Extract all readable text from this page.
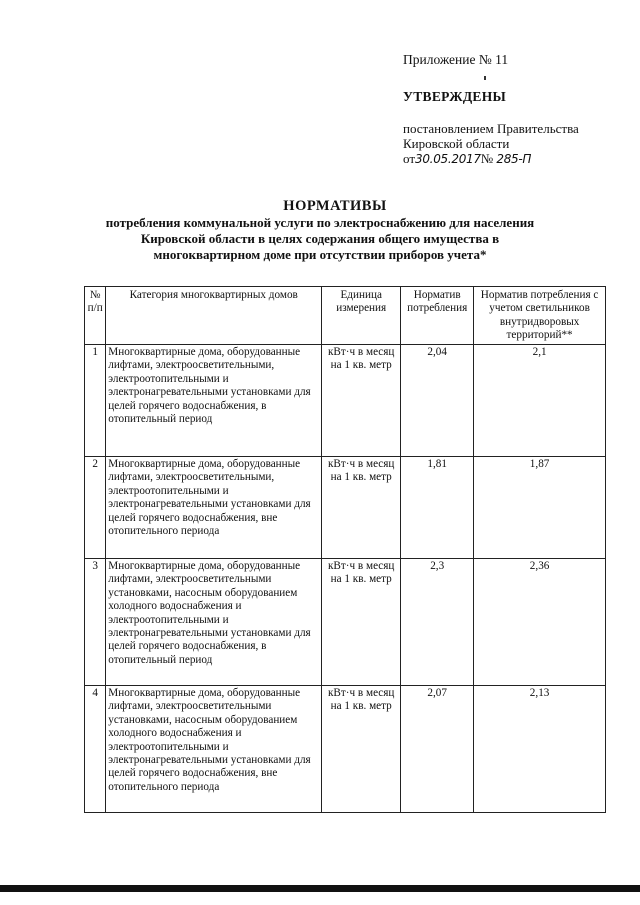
Приложение № 11
УТВЕРЖДЕНЫ
постановлением Правительства
Кировской области
от30.05.2017№ 285-П
НОРМАТИВЫ
потребления коммунальной услуги по электроснабжению для населения
Кировской области в целях содержания общего имущества в
многоквартирном доме при отсутствии приборов учета*
№ п/п	Категория многоквартирных домов	Единица измерения	Норматив потребления	Норматив потребления с учетом светильников внутридворовых территорий**
1	Многоквартирные дома, оборудованные лифтами, электроосветительными, электроотопительными и электронагревательными установками для целей горячего водоснабжения, в отопительный период	кВт·ч в месяц на 1 кв. метр	2,04	2,1
2	Многоквартирные дома, оборудованные лифтами, электроосветительными, электроотопительными и электронагревательными установками для целей горячего водоснабжения, вне отопительного периода	кВт·ч в месяц на 1 кв. метр	1,81	1,87
3	Многоквартирные дома, оборудованные лифтами, электроосветительными установками, насосным оборудованием холодного водоснабжения и электроотопительными и электронагревательными установками для целей горячего водоснабжения, в отопительный период	кВт·ч в месяц на 1 кв. метр	2,3	2,36
4	Многоквартирные дома, оборудованные лифтами, электроосветительными установками, насосным оборудованием холодного водоснабжения и электроотопительными и электронагревательными установками для целей горячего водоснабжения, вне отопительного периода	кВт·ч в месяц на 1 кв. метр	2,07	2,13
